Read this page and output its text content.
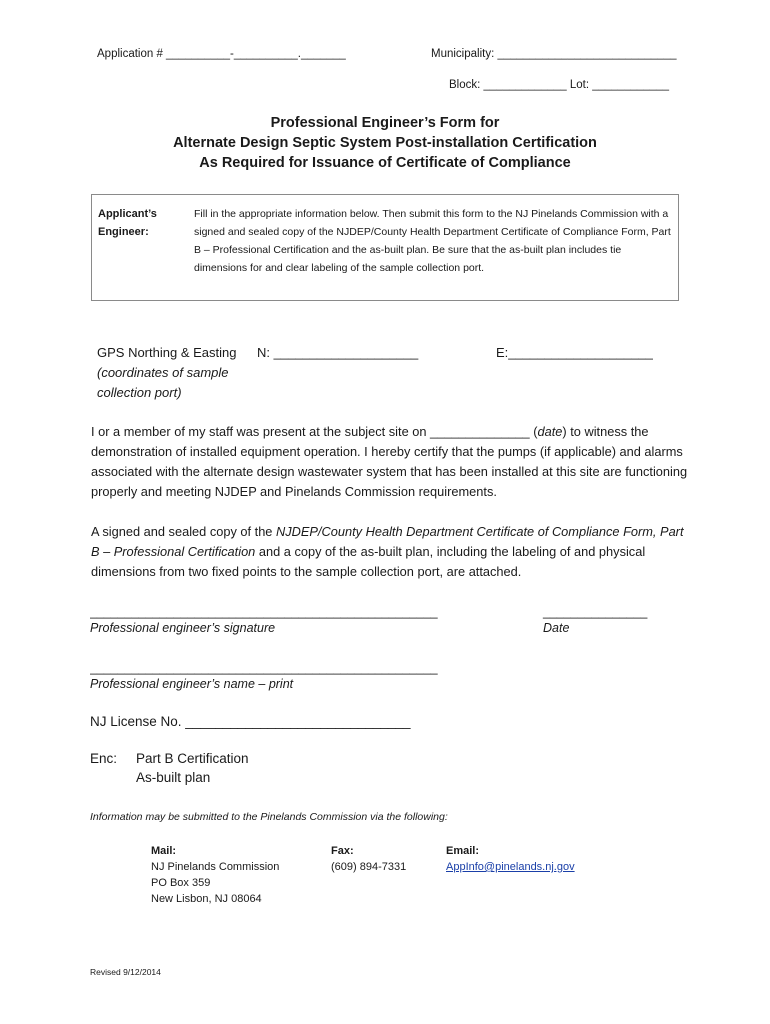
Application # __________-__________._______	Municipality: ____________________________
Block: _____________ Lot: ____________
Professional Engineer’s Form for
Alternate Design Septic System Post-installation Certification
As Required for Issuance of Certificate of Compliance
Applicant’s Engineer:
Fill in the appropriate information below. Then submit this form to the NJ Pinelands Commission with a signed and sealed copy of the NJDEP/County Health Department Certificate of Compliance Form, Part B – Professional Certification and the as-built plan. Be sure that the as-built plan includes tie dimensions for and clear labeling of the sample collection port.
GPS Northing & Easting
(coordinates of sample
collection port)
N: ____________________	E:____________________
I or a member of my staff was present at the subject site on ______________ (date) to witness the demonstration of installed equipment operation. I hereby certify that the pumps (if applicable) and alarms associated with the alternate design wastewater system that has been installed at this site are functioning properly and meeting NJDEP and Pinelands Commission requirements.
A signed and sealed copy of the NJDEP/County Health Department Certificate of Compliance Form, Part B – Professional Certification and a copy of the as-built plan, including the labeling of and physical dimensions from two fixed points to the sample collection port, are attached.
__________________________________________________
Professional engineer’s signature
_______________
Date
__________________________________________________
Professional engineer’s name – print
NJ License No. ______________________________
Enc: Part B Certification
As-built plan
Information may be submitted to the Pinelands Commission via the following:
Mail:
NJ Pinelands Commission
PO Box 359
New Lisbon, NJ 08064
Fax:
(609) 894-7331
Email:
AppInfo@pinelands.nj.gov
Revised 9/12/2014
